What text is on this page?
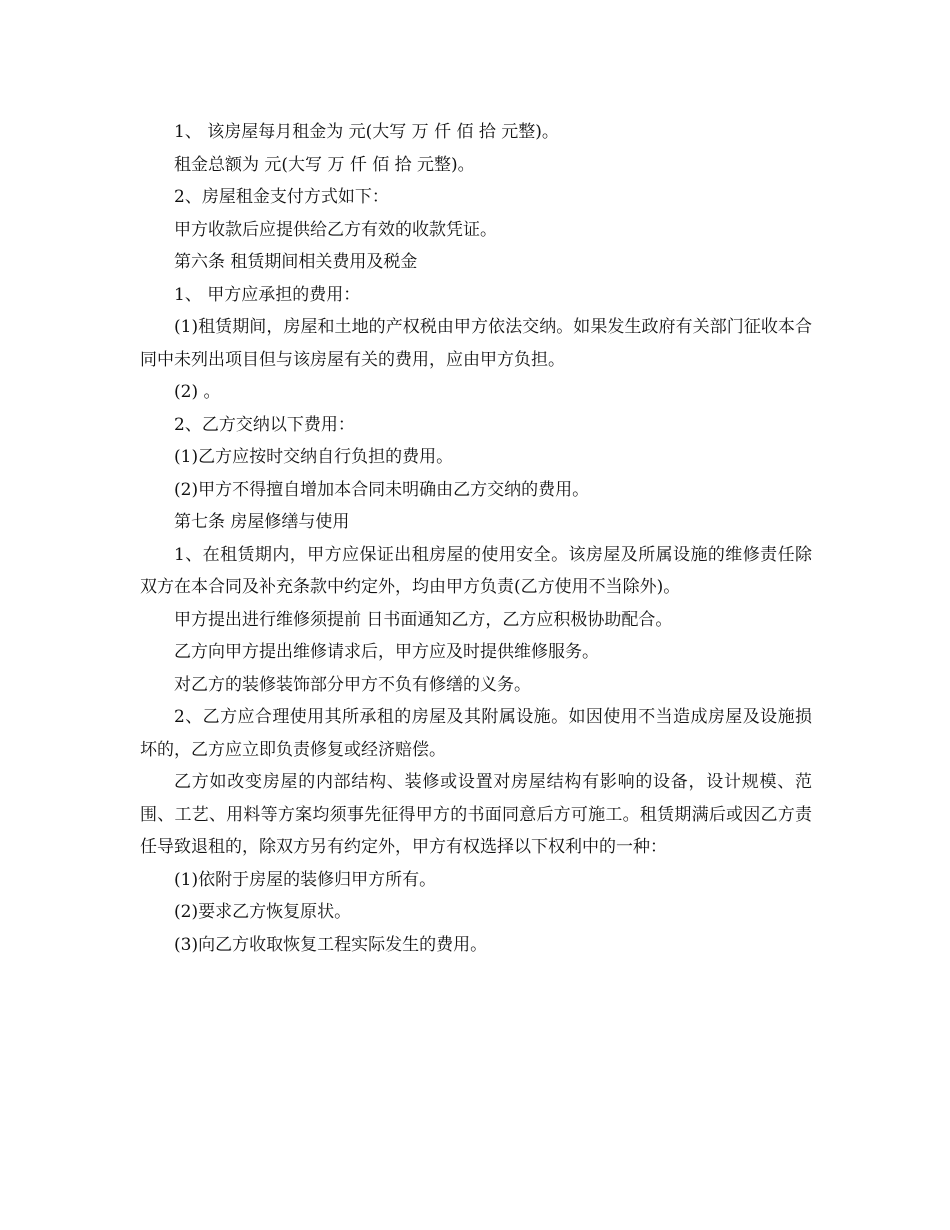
1、 该房屋每月租金为 元(大写 万 仟 佰 拾 元整)。

租金总额为 元(大写 万 仟 佰 拾 元整)。

2、房屋租金支付方式如下：

甲方收款后应提供给乙方有效的收款凭证。

第六条 租赁期间相关费用及税金

1、 甲方应承担的费用：

(1)租赁期间，房屋和土地的产权税由甲方依法交纳。如果发生政府有关部门征收本合同中未列出项目但与该房屋有关的费用，应由甲方负担。

(2) 。

2、乙方交纳以下费用：

(1)乙方应按时交纳自行负担的费用。

(2)甲方不得擅自增加本合同未明确由乙方交纳的费用。

第七条 房屋修缮与使用

1、在租赁期内，甲方应保证出租房屋的使用安全。该房屋及所属设施的维修责任除双方在本合同及补充条款中约定外，均由甲方负责(乙方使用不当除外)。

甲方提出进行维修须提前 日书面通知乙方，乙方应积极协助配合。

乙方向甲方提出维修请求后，甲方应及时提供维修服务。

对乙方的装修装饰部分甲方不负有修缮的义务。

2、乙方应合理使用其所承租的房屋及其附属设施。如因使用不当造成房屋及设施损坏的，乙方应立即负责修复或经济赔偿。

乙方如改变房屋的内部结构、装修或设置对房屋结构有影响的设备，设计规模、范围、工艺、用料等方案均须事先征得甲方的书面同意后方可施工。租赁期满后或因乙方责任导致退租的，除双方另有约定外，甲方有权选择以下权利中的一种：

(1)依附于房屋的装修归甲方所有。

(2)要求乙方恢复原状。

(3)向乙方收取恢复工程实际发生的费用。
